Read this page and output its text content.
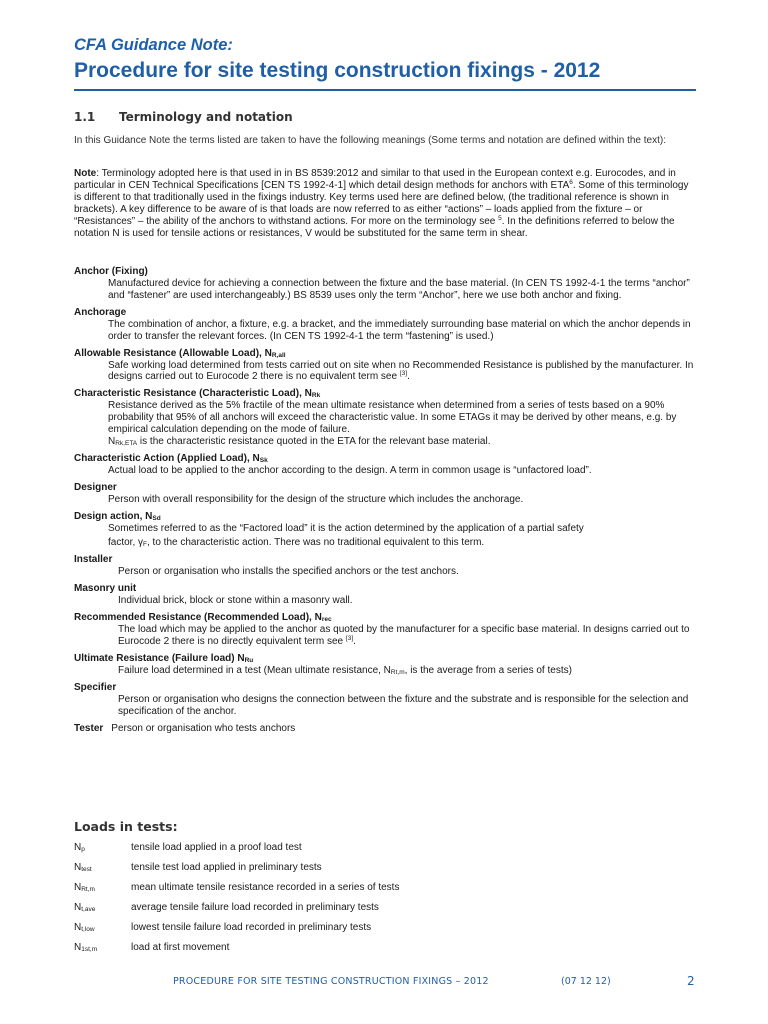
CFA Guidance Note:
Procedure for site testing construction fixings - 2012
1.1 Terminology and notation
In this Guidance Note the terms listed are taken to have the following meanings (Some terms and notation are defined within the text):
Note: Terminology adopted here is that used in in BS 8539:2012 and similar to that used in the European context e.g. Eurocodes, and in particular in CEN Technical Specifications [CEN TS 1992-4-1] which detail design methods for anchors with ETA$^6$. Some of this terminology is different to that traditionally used in the fixings industry. Key terms used here are defined below, (the traditional reference is shown in brackets). A key difference to be aware of is that loads are now referred to as either “actions” – loads applied from the fixture – or “Resistances” – the ability of the anchors to withstand actions. For more on the terminology see $^5$. In the definitions referred to below the notation N is used for tensile actions or resistances, V would be substituted for the same term in shear.
Anchor (Fixing)
Manufactured device for achieving a connection between the fixture and the base material. (In CEN TS 1992-4-1 the terms “anchor” and “fastener” are used interchangeably.) BS 8539 uses only the term “Anchor”, here we use both anchor and fixing.
Anchorage
The combination of anchor, a fixture, e.g. a bracket, and the immediately surrounding base material on which the anchor depends in order to transfer the relevant forces. (In CEN TS 1992-4-1 the term “fastening” is used.)
Allowable Resistance (Allowable Load), $N_{R,all}$
Safe working load determined from tests carried out on site when no Recommended Resistance is published by the manufacturer. In designs carried out to Eurocode 2 there is no equivalent term see [3].
Characteristic Resistance (Characteristic Load), $N_{Rk}$
Resistance derived as the 5% fractile of the mean ultimate resistance when determined from a series of tests based on a 90% probability that 95% of all anchors will exceed the characteristic value. In some ETAGs it may be derived by other means, e.g. by empirical calculation depending on the mode of failure.
$N_{Rk,ETA}$ is the characteristic resistance quoted in the ETA for the relevant base material.
Characteristic Action (Applied Load), $N_{Sk}$
Actual load to be applied to the anchor according to the design. A term in common usage is “unfactored load”.
Designer
Person with overall responsibility for the design of the structure which includes the anchorage.
Design action, $N_{Sd}$
Sometimes referred to as the “Factored load” it is the action determined by the application of a partial safety
factor, $\gamma_F$, to the characteristic action. There was no traditional equivalent to this term.
Installer
Person or organisation who installs the specified anchors or the test anchors.
Masonry unit
Individual brick, block or stone within a masonry wall.
Recommended Resistance (Recommended Load), $N_{rec}$
The load which may be applied to the anchor as quoted by the manufacturer for a specific base material. In designs carried out to Eurocode 2 there is no directly equivalent term see [3].
Ultimate Resistance (Failure load) $N_{Ru}$
Failure load determined in a test (Mean ultimate resistance, $N_{Rt,m}$, is the average from a series of tests)
Specifier
Person or organisation who designs the connection between the fixture and the substrate and is responsible for the selection and specification of the anchor.
Tester Person or organisation who tests anchors
Loads in tests:
$N_p$	tensile load applied in a proof load test
$N_{test}$	tensile test load applied in preliminary tests
$N_{Rt,m}$	mean ultimate tensile resistance recorded in a series of tests
$N_{t,ave}$	average tensile failure load recorded in preliminary tests
$N_{t,low}$	lowest tensile failure load recorded in preliminary tests
$N_{1st,m}$	load at first movement
PROCEDURE FOR SITE TESTING CONSTRUCTION FIXINGS – 2012	(07 12 12)	2
